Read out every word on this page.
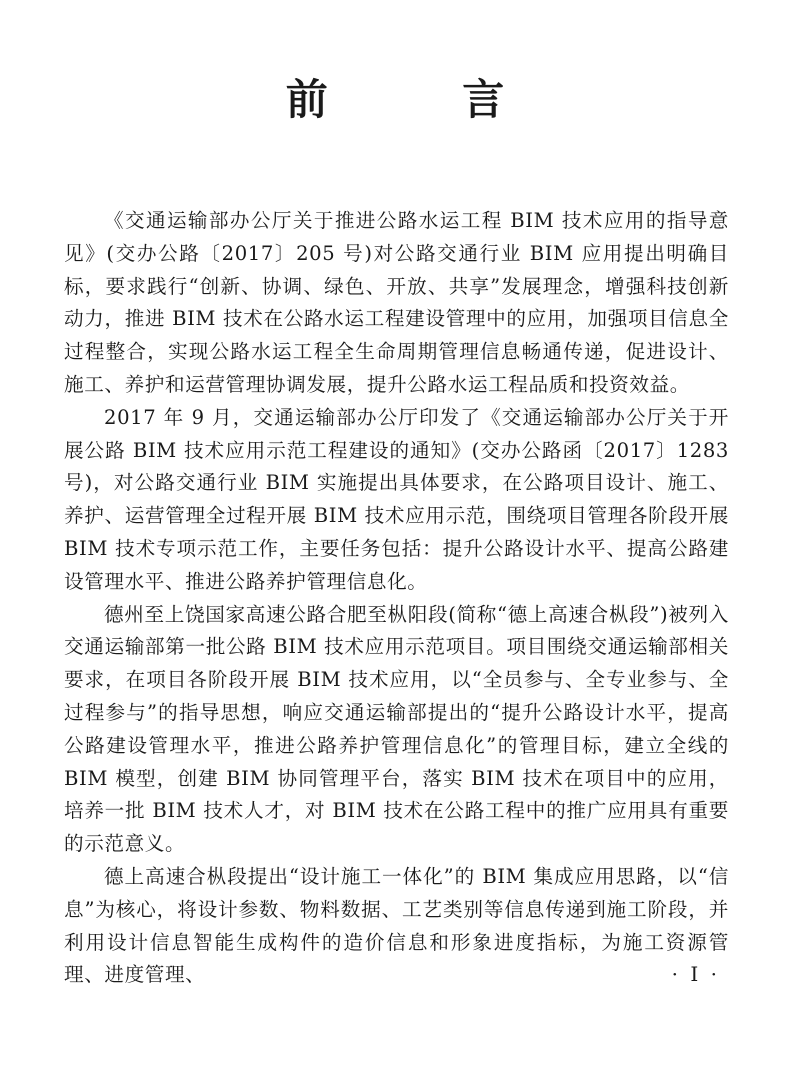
前 言

《交通运输部办公厅关于推进公路水运工程 BIM 技术应用的指导意见》(交办公路〔2017〕205 号)对公路交通行业 BIM 应用提出明确目标，要求践行“创新、协调、绿色、开放、共享”发展理念，增强科技创新动力，推进 BIM 技术在公路水运工程建设管理中的应用，加强项目信息全过程整合，实现公路水运工程全生命周期管理信息畅通传递，促进设计、施工、养护和运营管理协调发展，提升公路水运工程品质和投资效益。

2017 年 9 月，交通运输部办公厅印发了《交通运输部办公厅关于开展公路 BIM 技术应用示范工程建设的通知》(交办公路函〔2017〕1283 号)，对公路交通行业 BIM 实施提出具体要求，在公路项目设计、施工、养护、运营管理全过程开展 BIM 技术应用示范，围绕项目管理各阶段开展 BIM 技术专项示范工作，主要任务包括：提升公路设计水平、提高公路建设管理水平、推进公路养护管理信息化。

德州至上饶国家高速公路合肥至枞阳段(简称“德上高速合枞段”)被列入交通运输部第一批公路 BIM 技术应用示范项目。项目围绕交通运输部相关要求，在项目各阶段开展 BIM 技术应用，以“全员参与、全专业参与、全过程参与”的指导思想，响应交通运输部提出的“提升公路设计水平，提高公路建设管理水平，推进公路养护管理信息化”的管理目标，建立全线的 BIM 模型，创建 BIM 协同管理平台，落实 BIM 技术在项目中的应用，培养一批 BIM 技术人才，对 BIM 技术在公路工程中的推广应用具有重要的示范意义。

德上高速合枞段提出“设计施工一体化”的 BIM 集成应用思路，以“信息”为核心，将设计参数、物料数据、工艺类别等信息传递到施工阶段，并利用设计信息智能生成构件的造价信息和形象进度指标，为施工资源管理、进度管理、	· I ·
